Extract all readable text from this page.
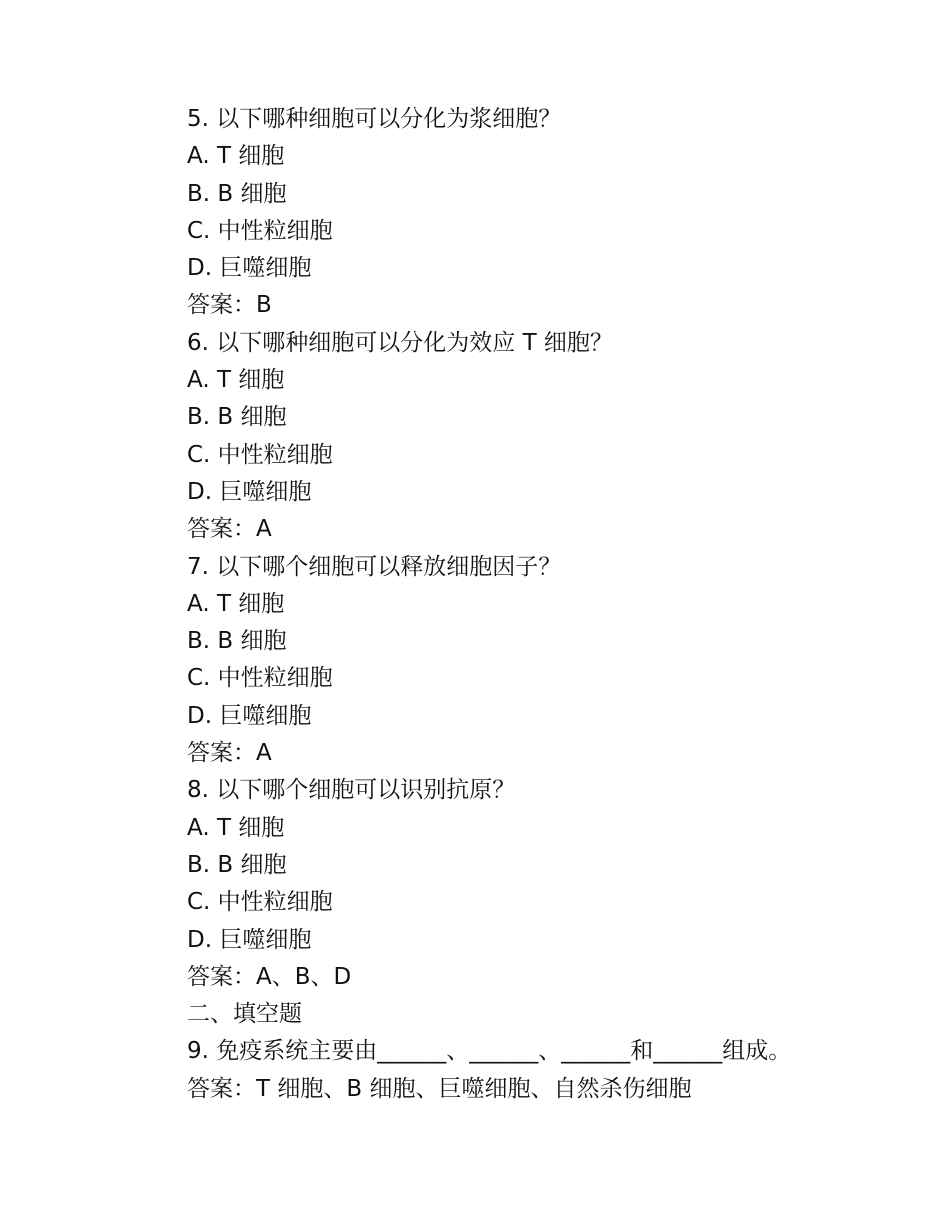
5. 以下哪种细胞可以分化为浆细胞？
A. T 细胞
B. B 细胞
C. 中性粒细胞
D. 巨噬细胞
答案：B
6. 以下哪种细胞可以分化为效应 T 细胞？
A. T 细胞
B. B 细胞
C. 中性粒细胞
D. 巨噬细胞
答案：A
7. 以下哪个细胞可以释放细胞因子？
A. T 细胞
B. B 细胞
C. 中性粒细胞
D. 巨噬细胞
答案：A
8. 以下哪个细胞可以识别抗原？
A. T 细胞
B. B 细胞
C. 中性粒细胞
D. 巨噬细胞
答案：A、B、D
二、填空题
9. 免疫系统主要由______、______、______和______组成。
答案：T 细胞、B 细胞、巨噬细胞、自然杀伤细胞
